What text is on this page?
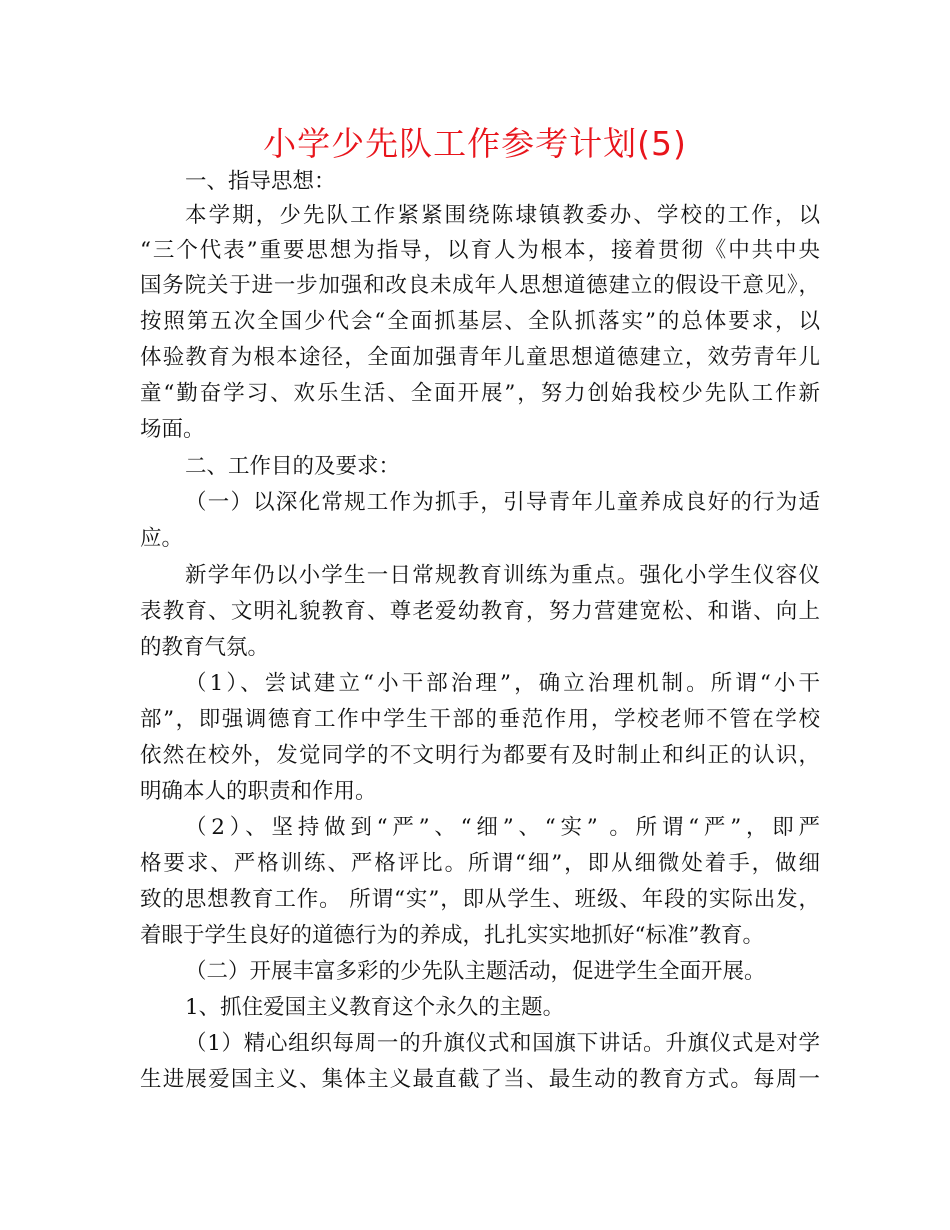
小学少先队工作参考计划(5)
一、指导思想：
本学期，少先队工作紧紧围绕陈埭镇教委办、学校的工作，以
“三个代表”重要思想为指导，以育人为根本，接着贯彻《中共中央
国务院关于进一步加强和改良未成年人思想道德建立的假设干意见》，
按照第五次全国少代会“全面抓基层、全队抓落实”的总体要求，以
体验教育为根本途径，全面加强青年儿童思想道德建立，效劳青年儿
童“勤奋学习、欢乐生活、全面开展”，努力创始我校少先队工作新
场面。
二、工作目的及要求：
（一）以深化常规工作为抓手，引导青年儿童养成良好的行为适
应。
新学年仍以小学生一日常规教育训练为重点。强化小学生仪容仪
表教育、文明礼貌教育、尊老爱幼教育，努力营建宽松、和谐、向上
的教育气氛。
（1）、尝试建立“小干部治理”，确立治理机制。所谓“小干
部”，即强调德育工作中学生干部的垂范作用，学校老师不管在学校
依然在校外，发觉同学的不文明行为都要有及时制止和纠正的认识，
明确本人的职责和作用。
（2）、坚持做到“严”、“细”、“实” 。所谓“严”，即严
格要求、严格训练、严格评比。所谓“细”，即从细微处着手，做细
致的思想教育工作。 所谓“实”，即从学生、班级、年段的实际出发，
着眼于学生良好的道德行为的养成，扎扎实实地抓好“标准”教育。
（二）开展丰富多彩的少先队主题活动，促进学生全面开展。
1、抓住爱国主义教育这个永久的主题。
（1）精心组织每周一的升旗仪式和国旗下讲话。升旗仪式是对学
生进展爱国主义、集体主义最直截了当、最生动的教育方式。每周一
